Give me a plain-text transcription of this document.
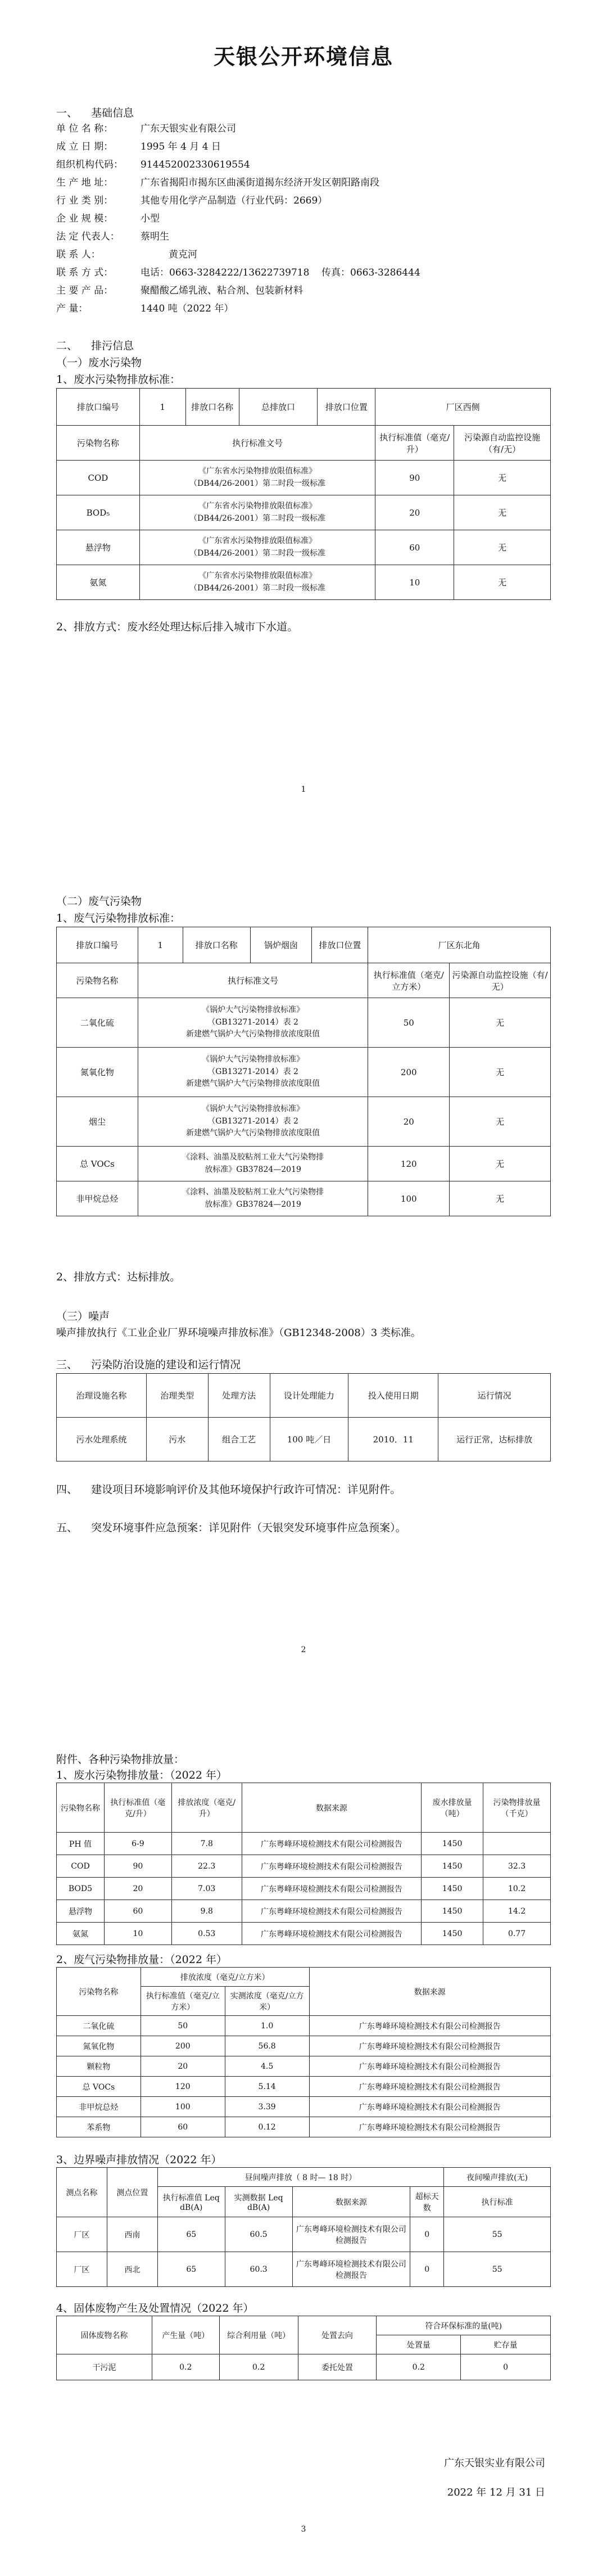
天银公开环境信息
一、    基础信息
单 位 名 称：	广东天银实业有限公司
成 立 日 期：	1995 年 4 月 4 日
组织机构代码： 914452002330619554
生 产 地 址：	广东省揭阳市揭东区曲溪街道揭东经济开发区朝阳路南段
行 业 类 别：	其他专用化学产品制造（行业代码：2669）
企 业 规 模：	小型
法 定 代表人： 蔡明生
联 系 人：	黄克河
联 系 方 式：	电话：0663-3284222/13622739718    传真：0663-3286444
主 要 产 品：	聚醋酸乙烯乳液、粘合剂、包装新材料
产 量：	1440 吨（2022 年）
二、    排污信息
（一）废水污染物
1、废水污染物排放标准：
排放口编号	1	排放口名称	总排放口	排放口位置	厂区西侧	
污染物名称	执行标准文号				执行标准值（毫克/升）	污染源自动监控设施（有/无）
COD	《广东省水污染物排放限值标准》
（DB44/26-2001）第二时段一级标准				90	无
BOD₅	《广东省水污染物排放限值标准》
（DB44/26-2001）第二时段一级标准				20	无
悬浮物	《广东省水污染物排放限值标准》
（DB44/26-2001）第二时段一级标准				60	无
氨氮	《广东省水污染物排放限值标准》
（DB44/26-2001）第二时段一级标准				10	无
2、排放方式：废水经处理达标后排入城市下水道。
1
（二）废气污染物
1、废气污染物排放标准：
排放口编号	1	排放口名称	锅炉烟囱	排放口位置	厂区东北角	
污染物名称	执行标准文号				执行标准值（毫克/立方米）	污染源自动监控设施（有/无）
二氧化硫	《锅炉大气污染物排放标准》
（GB13271-2014）表 2
新建燃气锅炉大气污染物排放浓度限值				50	无
氮氧化物	《锅炉大气污染物排放标准》
（GB13271-2014）表 2
新建燃气锅炉大气污染物排放浓度限值				200	无
烟尘	《锅炉大气污染物排放标准》
（GB13271-2014）表 2
新建燃气锅炉大气污染物排放浓度限值				20	无
总 VOCs	《涂料、油墨及胶粘剂工业大气污染物排
放标准》GB37824—2019				120	无
非甲烷总烃	《涂料、油墨及胶粘剂工业大气污染物排
放标准》GB37824—2019				100	无
2、排放方式：达标排放。
（三）噪声
噪声排放执行《工业企业厂界环境噪声排放标准》（GB12348-2008）3 类标准。
三、    污染防治设施的建设和运行情况
治理设施名称	治理类型	处理方法	设计处理能力	投入使用日期	运行情况
污水处理系统	污水	组合工艺	100 吨／日	2010．11	运行正常，达标排放
四、    建设项目环境影响评价及其他环境保护行政许可情况：详见附件。
五、    突发环境事件应急预案：详见附件（天银突发环境事件应急预案）。
2
附件、各种污染物排放量：
1、废水污染物排放量：（2022 年）
污染物名称	执行标准值（毫克/升）	排放浓度（毫克/升）	数据来源	废水排放量（吨）	污染物排放量（千克）
PH 值	6-9	7.8	广东粤峰环境检测技术有限公司检测报告	1450	
COD	90	22.3	广东粤峰环境检测技术有限公司检测报告	1450	32.3
BOD5	20	7.03	广东粤峰环境检测技术有限公司检测报告	1450	10.2
悬浮物	60	9.8	广东粤峰环境检测技术有限公司检测报告	1450	14.2
氨氮	10	0.53	广东粤峰环境检测技术有限公司检测报告	1450	0.77
2、废气污染物排放量：（2022 年）
污染物名称	排放浓度（毫克/立方米）		数据来源
	执行标准值（毫克/立方米）	实测浓度（毫克/立方米）	
二氧化硫	50	1.0	广东粤峰环境检测技术有限公司检测报告
氮氧化物	200	56.8	广东粤峰环境检测技术有限公司检测报告
颗粒物	20	4.5	广东粤峰环境检测技术有限公司检测报告
总 VOCs	120	5.14	广东粤峰环境检测技术有限公司检测报告
非甲烷总烃	100	3.39	广东粤峰环境检测技术有限公司检测报告
苯系物	60	0.12	广东粤峰环境检测技术有限公司检测报告
3、边界噪声排放情况（2022 年）
测点名称	测点位置	昼间噪声排放（ 8 时— 18 时）				夜间噪声排放(无)
		执行标准值 Leq dB(A)	实测数据 Leq dB(A)	数据来源	超标天数	执行标准
厂区	西南	65	60.5	广东粤峰环境检测技术有限公司检测报告	0	55
厂区	西北	65	60.3	广东粤峰环境检测技术有限公司检测报告	0	55
4、固体废物产生及处置情况（2022 年）
固体废物名称	产生量（吨）	综合利用量（吨）	处置去向	符合环保标准的量(吨)	
				处置量	贮存量
干污泥	0.2	0.2	委托处置	0.2	0
广东天银实业有限公司
2022 年 12 月 31 日
3
